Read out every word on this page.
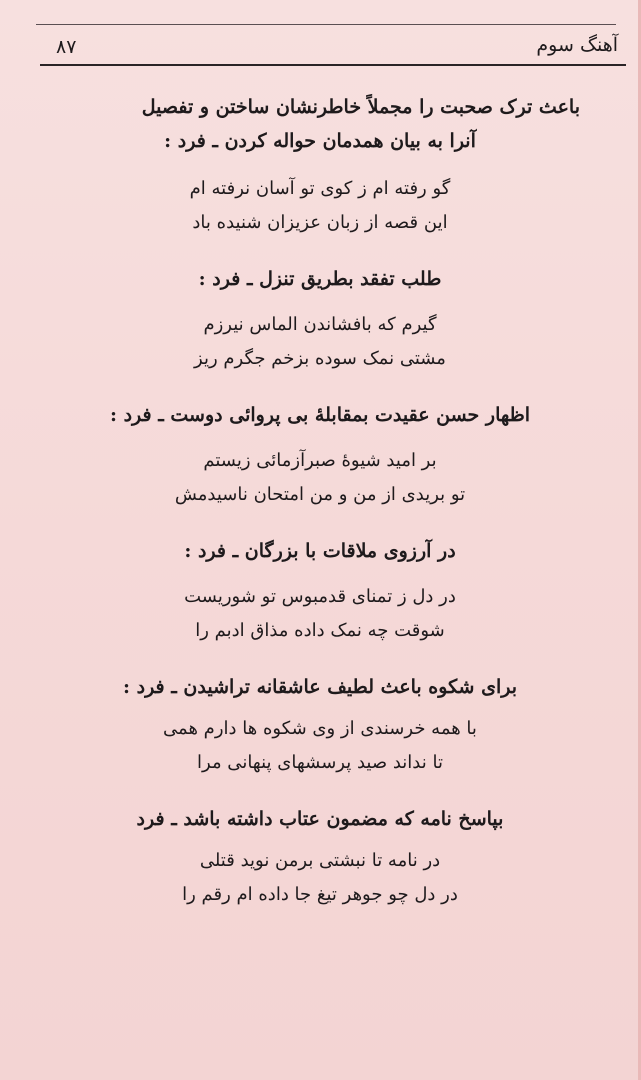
آهنگ سوم
۸۷
باعث ترک صحبت را مجملاً خاطرنشان ساختن و تفصیل
آنرا به بیان همدمان حواله کردن ـ فرد :
گو رفته ام ز کوی تو آسان نرفته ام
این قصه از زبان عزیزان شنیده باد
طلب تفقد بطریق تنزل ـ فرد :
گیرم که بافشاندن الماس نیرزم
مشتی نمک سوده بزخم جگرم ریز
اظهار حسن عقیدت بمقابلهٔ بی پروائی دوست ـ فرد :
بر امید شیوهٔ صبرآزمائی زیستم
تو بریدی از من و من امتحان ناسیدمش
در آرزوی ملاقات با بزرگان ـ فرد :
در دل ز تمنای قدمبوس تو شوریست
شوقت چه نمک داده مذاق ادبم را
برای شکوه باعث لطیف عاشقانه تراشیدن ـ فرد :
با همه خرسندی از وی شکوه ها دارم همی
تا نداند صید پرسشهای پنهانی مرا
بپاسخ نامه که مضمون عتاب داشته باشد ـ فرد
در نامه تا نبشتی برمن نوید قتلی
در دل چو جوهر تیغ جا داده ام رقم را
